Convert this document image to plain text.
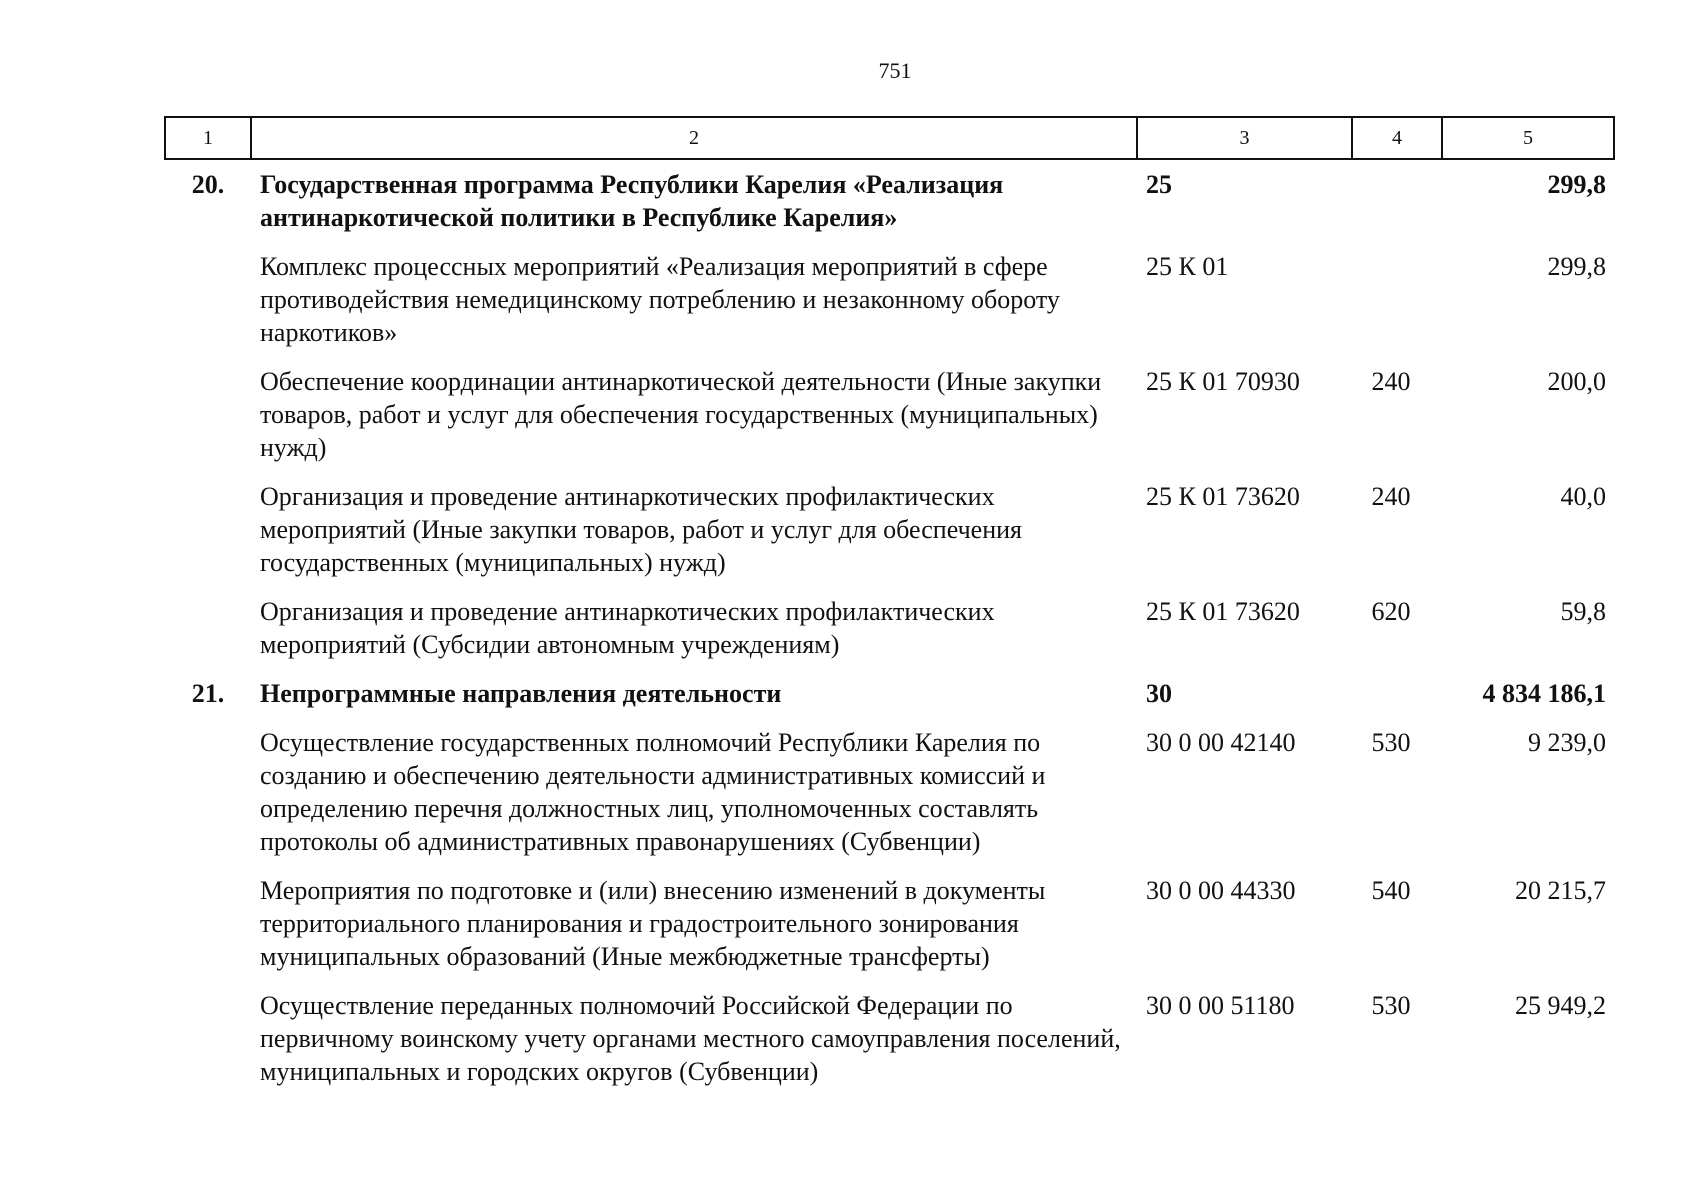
751
1	2	3	4	5
20.	Государственная программа Республики Карелия «Реализация антинаркотической политики в Республике Карелия»	25		299,8
	Комплекс процессных мероприятий «Реализация мероприятий в сфере противодействия немедицинскому потреблению и незаконному обороту наркотиков»	25 К 01		299,8
	Обеспечение координации антинаркотической деятельности (Иные закупки товаров, работ и услуг для обеспечения государственных (муниципальных) нужд)	25 К 01 70930	240	200,0
	Организация и проведение антинаркотических профилактических мероприятий (Иные закупки товаров, работ и услуг для обеспечения государственных (муниципальных) нужд)	25 К 01 73620	240	40,0
	Организация и проведение антинаркотических профилактических мероприятий (Субсидии автономным учреждениям)	25 К 01 73620	620	59,8
21.	Непрограммные направления деятельности	30		4 834 186,1
	Осуществление государственных полномочий Республики Карелия по созданию и обеспечению деятельности административных комиссий и определению перечня должностных лиц, уполномоченных составлять протоколы об административных правонарушениях (Субвенции)	30 0 00 42140	530	9 239,0
	Мероприятия по подготовке и (или) внесению изменений в документы территориального планирования и градостроительного зонирования муниципальных образований (Иные межбюджетные трансферты)	30 0 00 44330	540	20 215,7
	Осуществление переданных полномочий Российской Федерации по первичному воинскому учету органами местного самоуправления поселений, муниципальных и городских округов (Субвенции)	30 0 00 51180	530	25 949,2
